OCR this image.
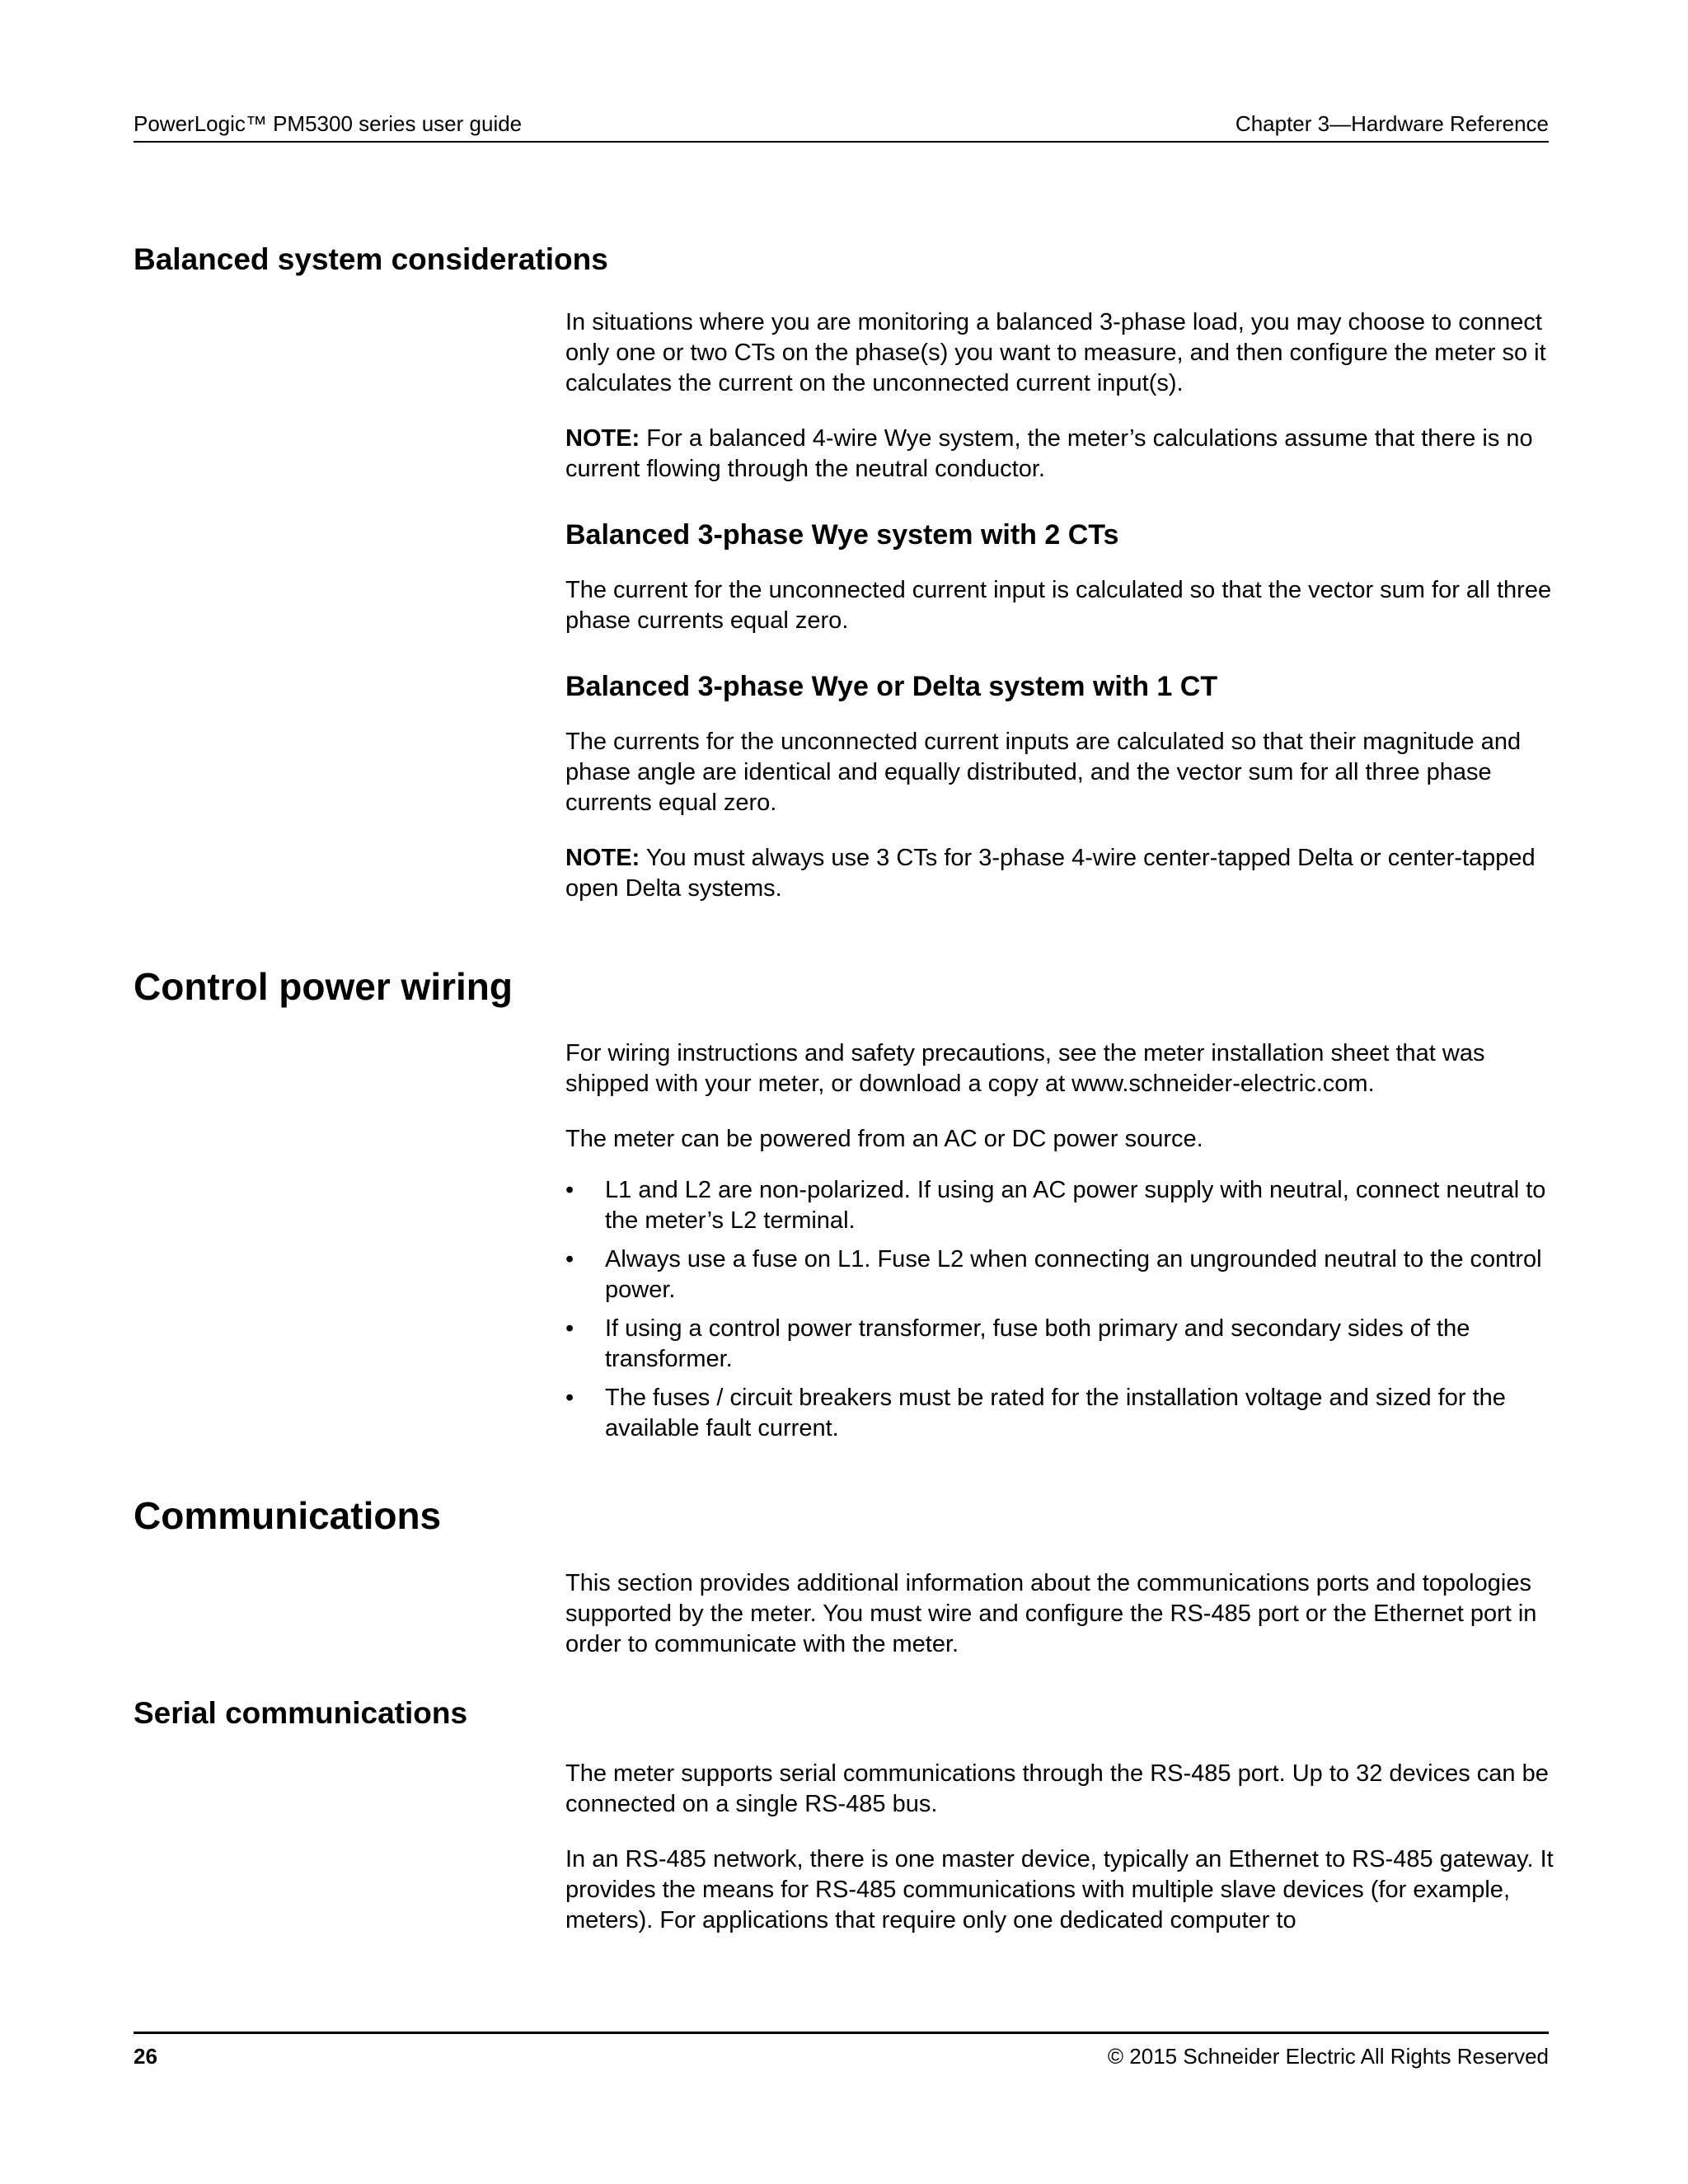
PowerLogic™ PM5300 series user guide	Chapter 3—Hardware Reference
Balanced system considerations

In situations where you are monitoring a balanced 3-phase load, you may choose to connect only one or two CTs on the phase(s) you want to measure, and then configure the meter so it calculates the current on the unconnected current input(s).

NOTE: For a balanced 4-wire Wye system, the meter’s calculations assume that there is no current flowing through the neutral conductor.

Balanced 3-phase Wye system with 2 CTs

The current for the unconnected current input is calculated so that the vector sum for all three phase currents equal zero.

Balanced 3-phase Wye or Delta system with 1 CT

The currents for the unconnected current inputs are calculated so that their magnitude and phase angle are identical and equally distributed, and the vector sum for all three phase currents equal zero.

NOTE: You must always use 3 CTs for 3-phase 4-wire center-tapped Delta or center-tapped open Delta systems.

Control power wiring

For wiring instructions and safety precautions, see the meter installation sheet that was shipped with your meter, or download a copy at www.schneider-electric.com.

The meter can be powered from an AC or DC power source.

• L1 and L2 are non-polarized. If using an AC power supply with neutral, connect neutral to the meter’s L2 terminal.
• Always use a fuse on L1. Fuse L2 when connecting an ungrounded neutral to the control power.
• If using a control power transformer, fuse both primary and secondary sides of the transformer.
• The fuses / circuit breakers must be rated for the installation voltage and sized for the available fault current.
Communications

This section provides additional information about the communications ports and topologies supported by the meter. You must wire and configure the RS-485 port or the Ethernet port in order to communicate with the meter.

Serial communications

The meter supports serial communications through the RS-485 port. Up to 32 devices can be connected on a single RS-485 bus.

In an RS-485 network, there is one master device, typically an Ethernet to RS-485 gateway. It provides the means for RS-485 communications with multiple slave devices (for example, meters). For applications that require only one dedicated computer to

26	© 2015 Schneider Electric All Rights Reserved
